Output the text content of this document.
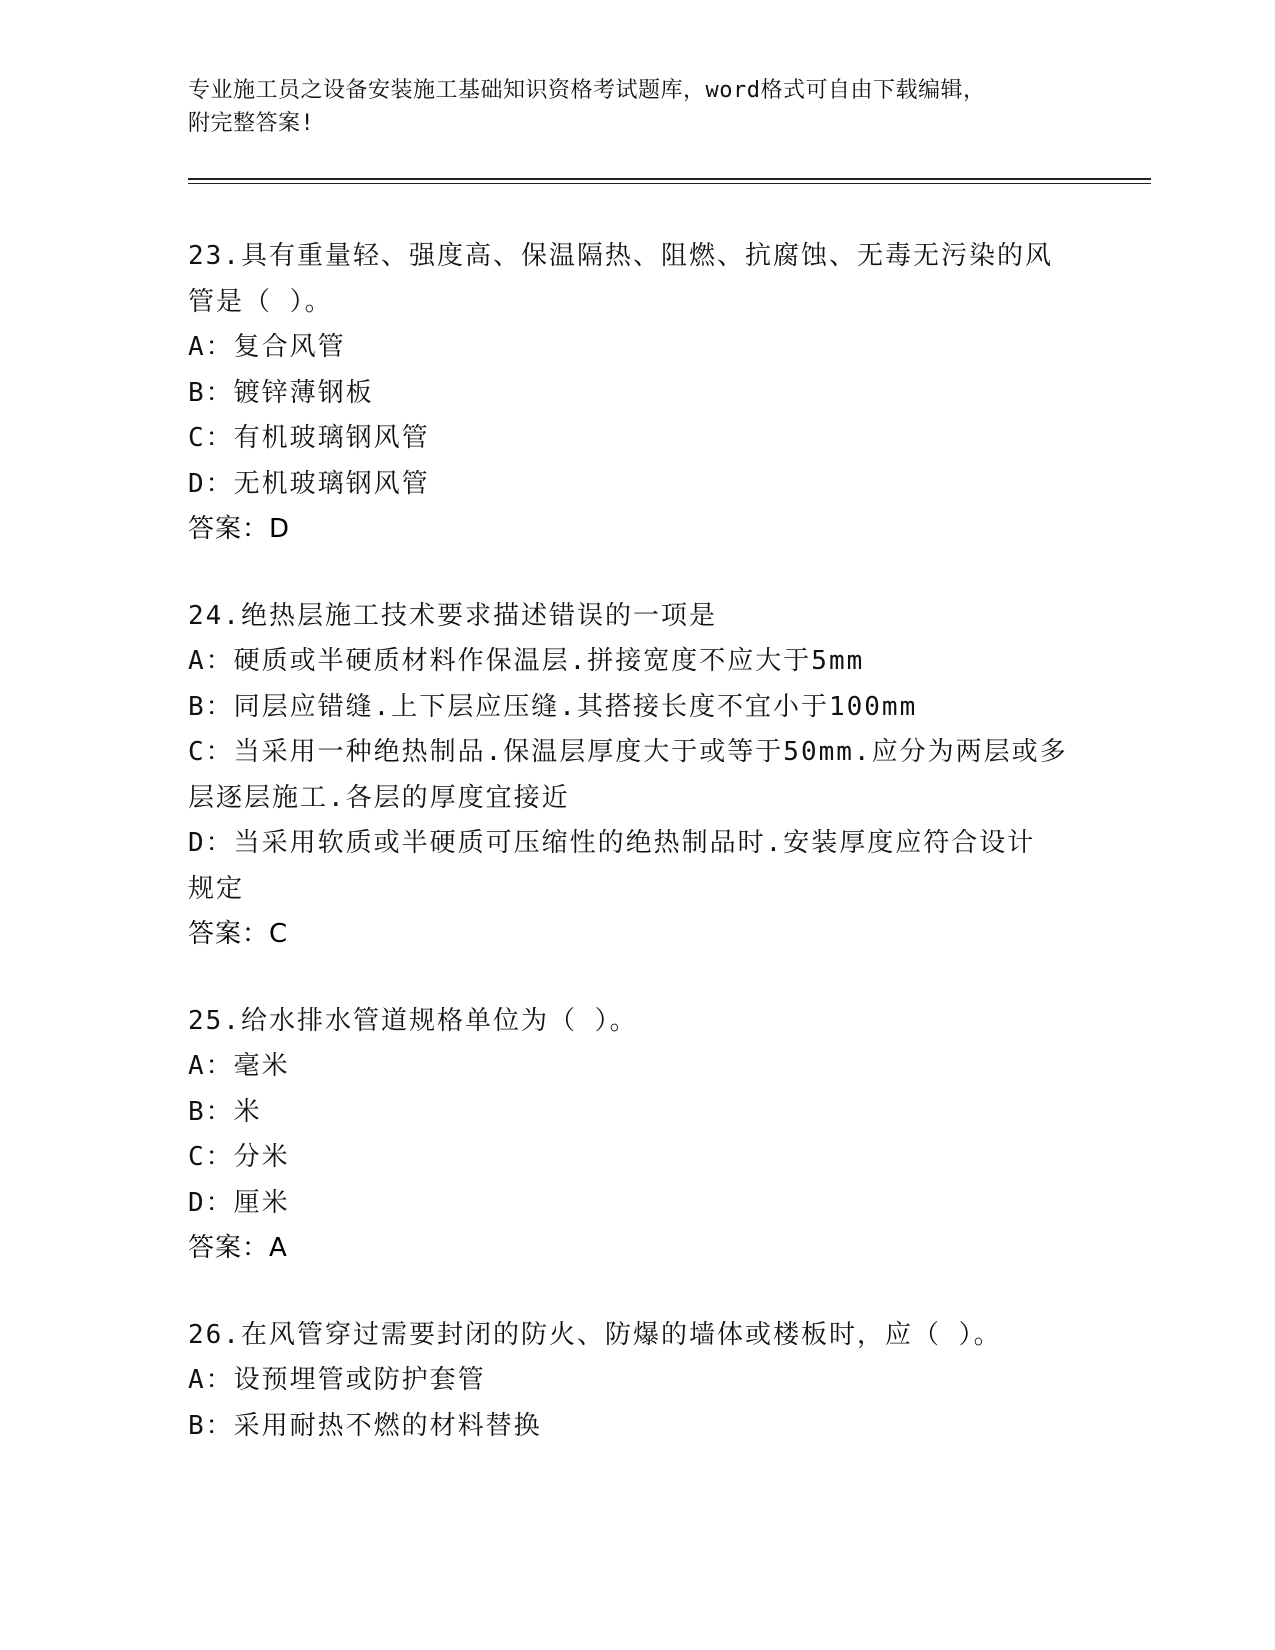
专业施工员之设备安装施工基础知识资格考试题库，word格式可自由下载编辑，
附完整答案!
23.具有重量轻、强度高、保温隔热、阻燃、抗腐蚀、无毒无污染的风
管是（ ）。
A：复合风管
B：镀锌薄钢板
C：有机玻璃钢风管
D：无机玻璃钢风管
答案：D
24.绝热层施工技术要求描述错误的一项是
A：硬质或半硬质材料作保温层.拼接宽度不应大于5mm
B：同层应错缝.上下层应压缝.其搭接长度不宜小于100mm
C：当采用一种绝热制品.保温层厚度大于或等于50mm.应分为两层或多
层逐层施工.各层的厚度宜接近
D：当采用软质或半硬质可压缩性的绝热制品时.安装厚度应符合设计
规定
答案：C
25.给水排水管道规格单位为（ ）。
A：毫米
B：米
C：分米
D：厘米
答案：A
26.在风管穿过需要封闭的防火、防爆的墙体或楼板时，应（ ）。
A：设预埋管或防护套管
B：采用耐热不燃的材料替换
